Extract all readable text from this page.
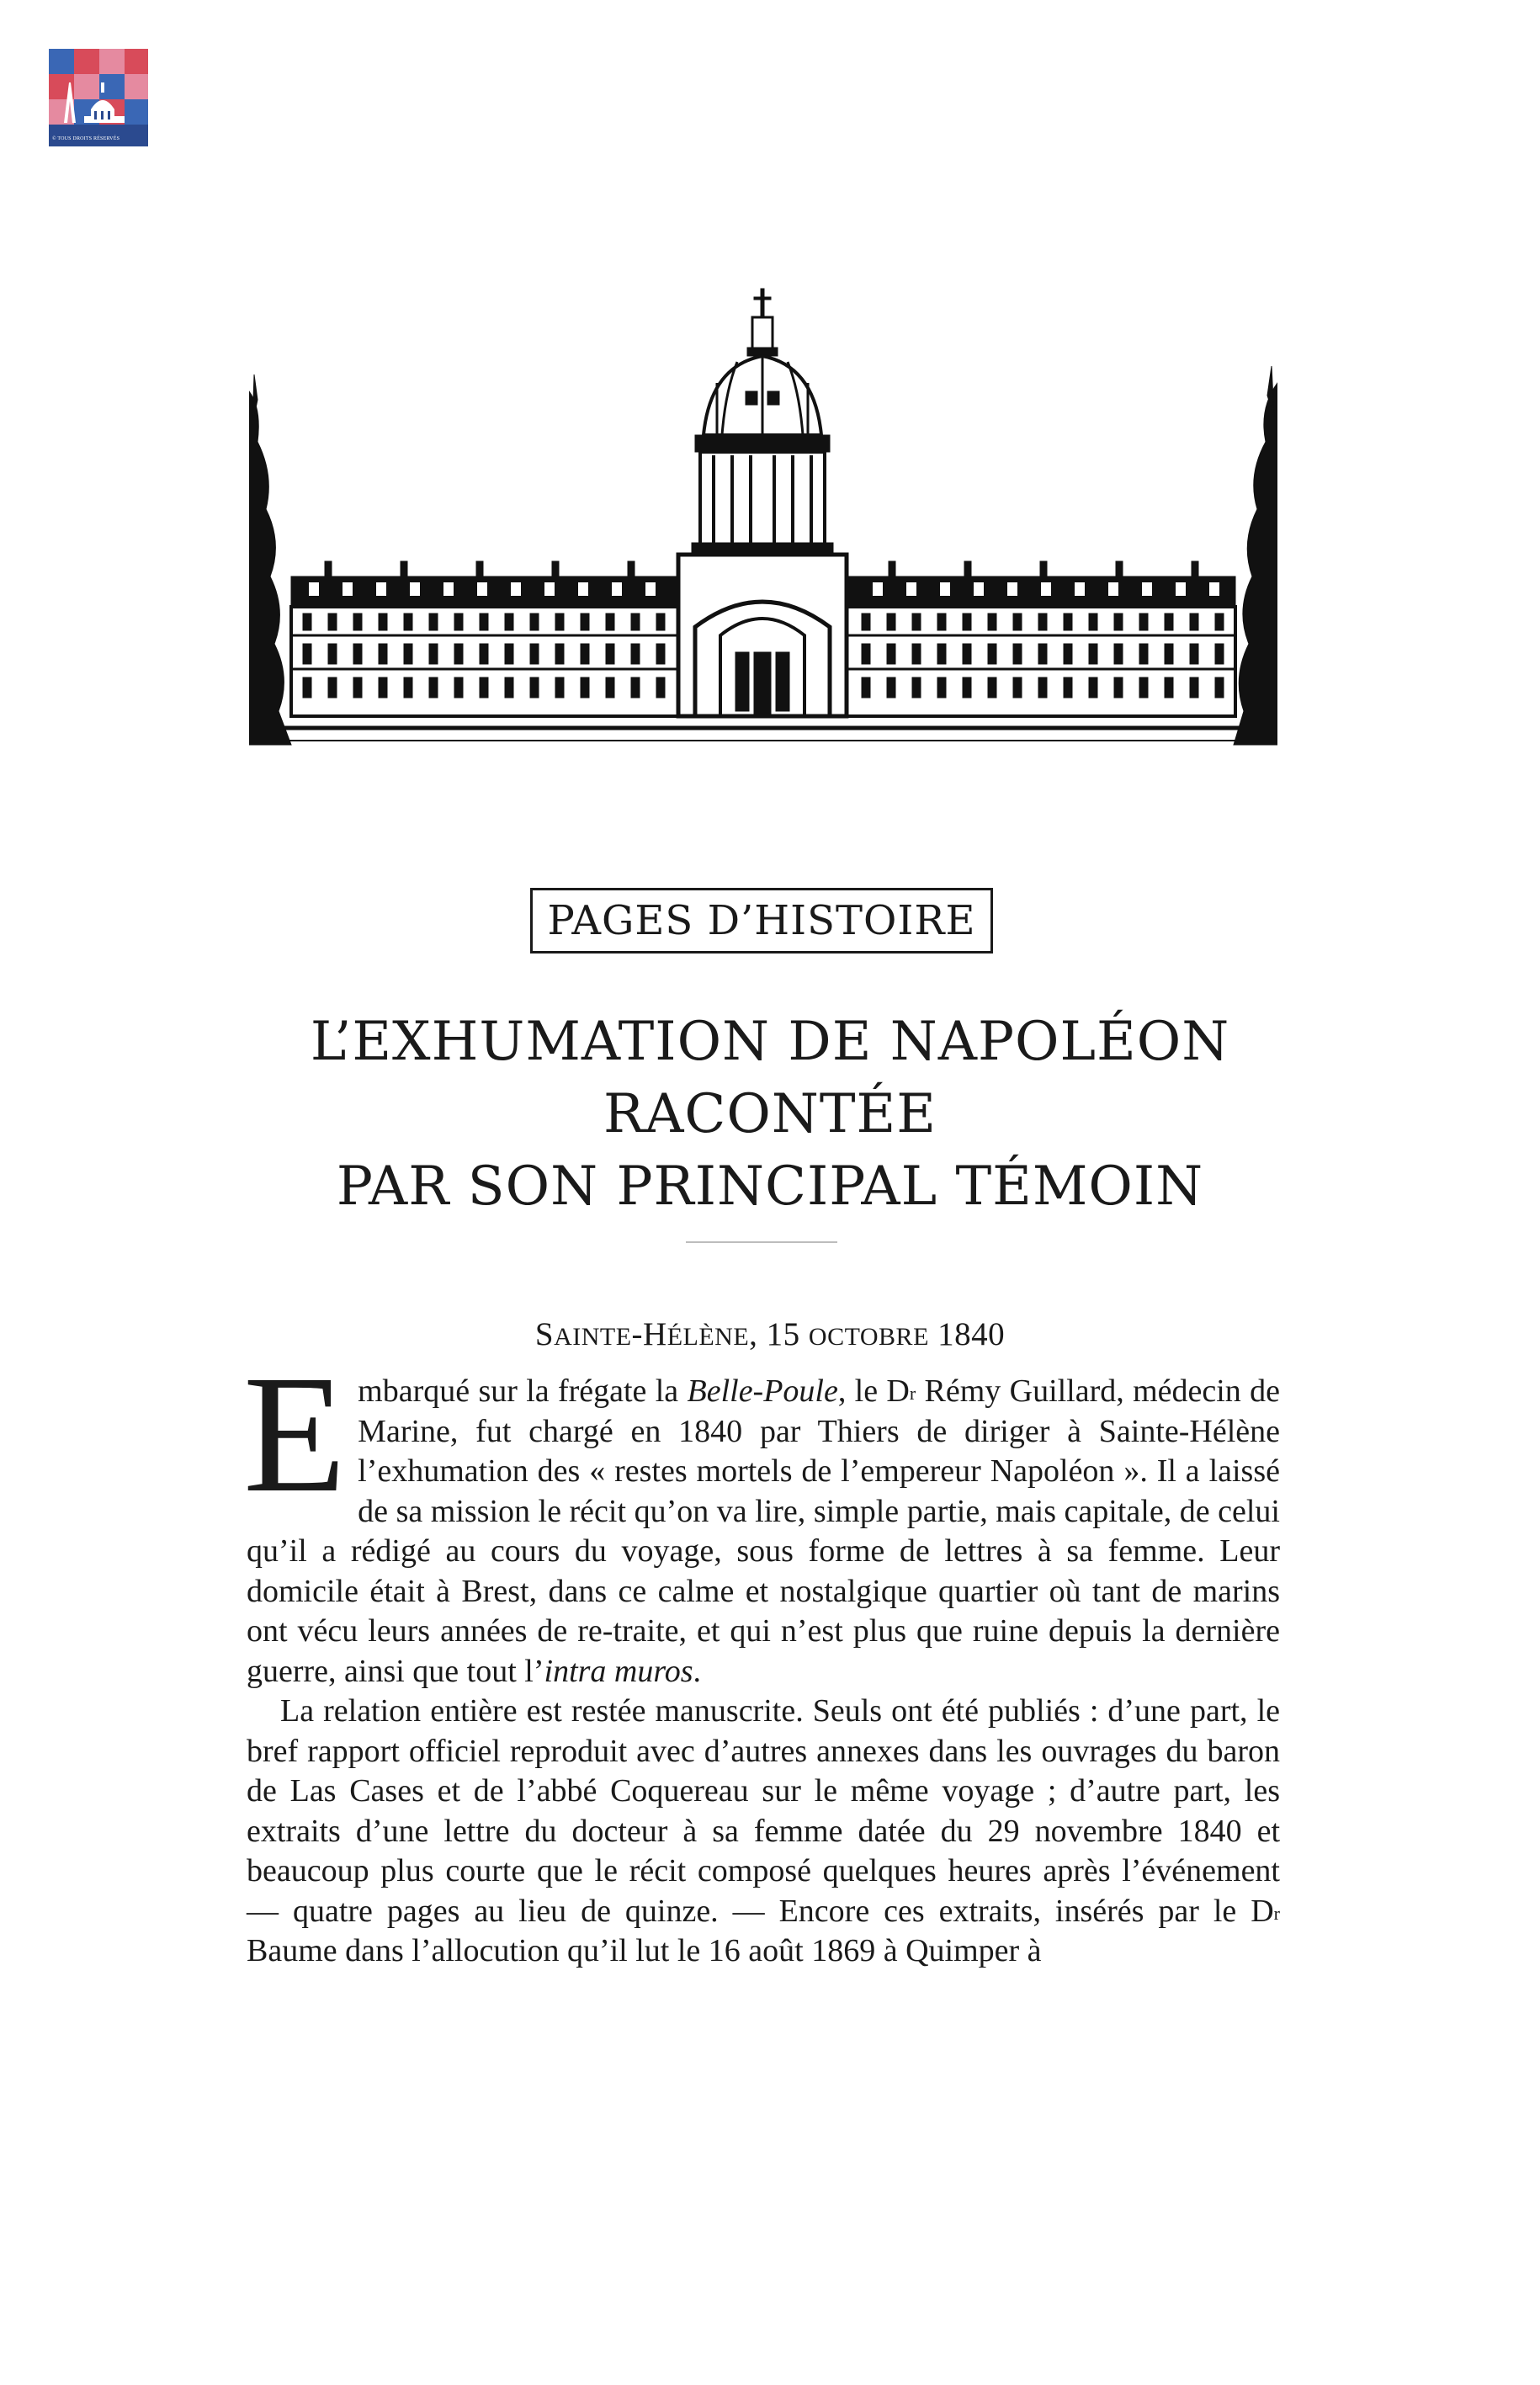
© TOUS DROITS RÉSERVÉS
PAGES D’HISTOIRE
L’EXHUMATION DE NAPOLÉON
RACONTÉE
PAR SON PRINCIPAL TÉMOIN
SAINTE-HÉLÈNE, 15 OCTOBRE 1840

Embarqué sur la frégate la Belle-Poule, le $D^r$ Rémy Guillard, médecin de Marine, fut chargé en 1840 par Thiers de diriger à Sainte-Hélène l’exhumation des « restes mortels de l’empereur Napoléon ». Il a laissé de sa mission le récit qu’on va lire, simple partie, mais capitale, de celui qu’il a rédigé au cours du voyage, sous forme de lettres à sa femme. Leur domicile était à Brest, dans ce calme et nostalgique quartier où tant de marins ont vécu leurs années de re-traite, et qui n’est plus que ruine depuis la dernière guerre, ainsi que tout l’intra muros.

La relation entière est restée manuscrite. Seuls ont été publiés : d’une part, le bref rapport officiel reproduit avec d’autres annexes dans les ouvrages du baron de Las Cases et de l’abbé Coquereau sur le même voyage ; d’autre part, les extraits d’une lettre du docteur à sa femme datée du 29 novembre 1840 et beaucoup plus courte que le récit composé quelques heures après l’événement — quatre pages au lieu de quinze. — Encore ces extraits, insérés par le $D^r$ Baume dans l’allocution qu’il lut le 16 août 1869 à Quimper à
